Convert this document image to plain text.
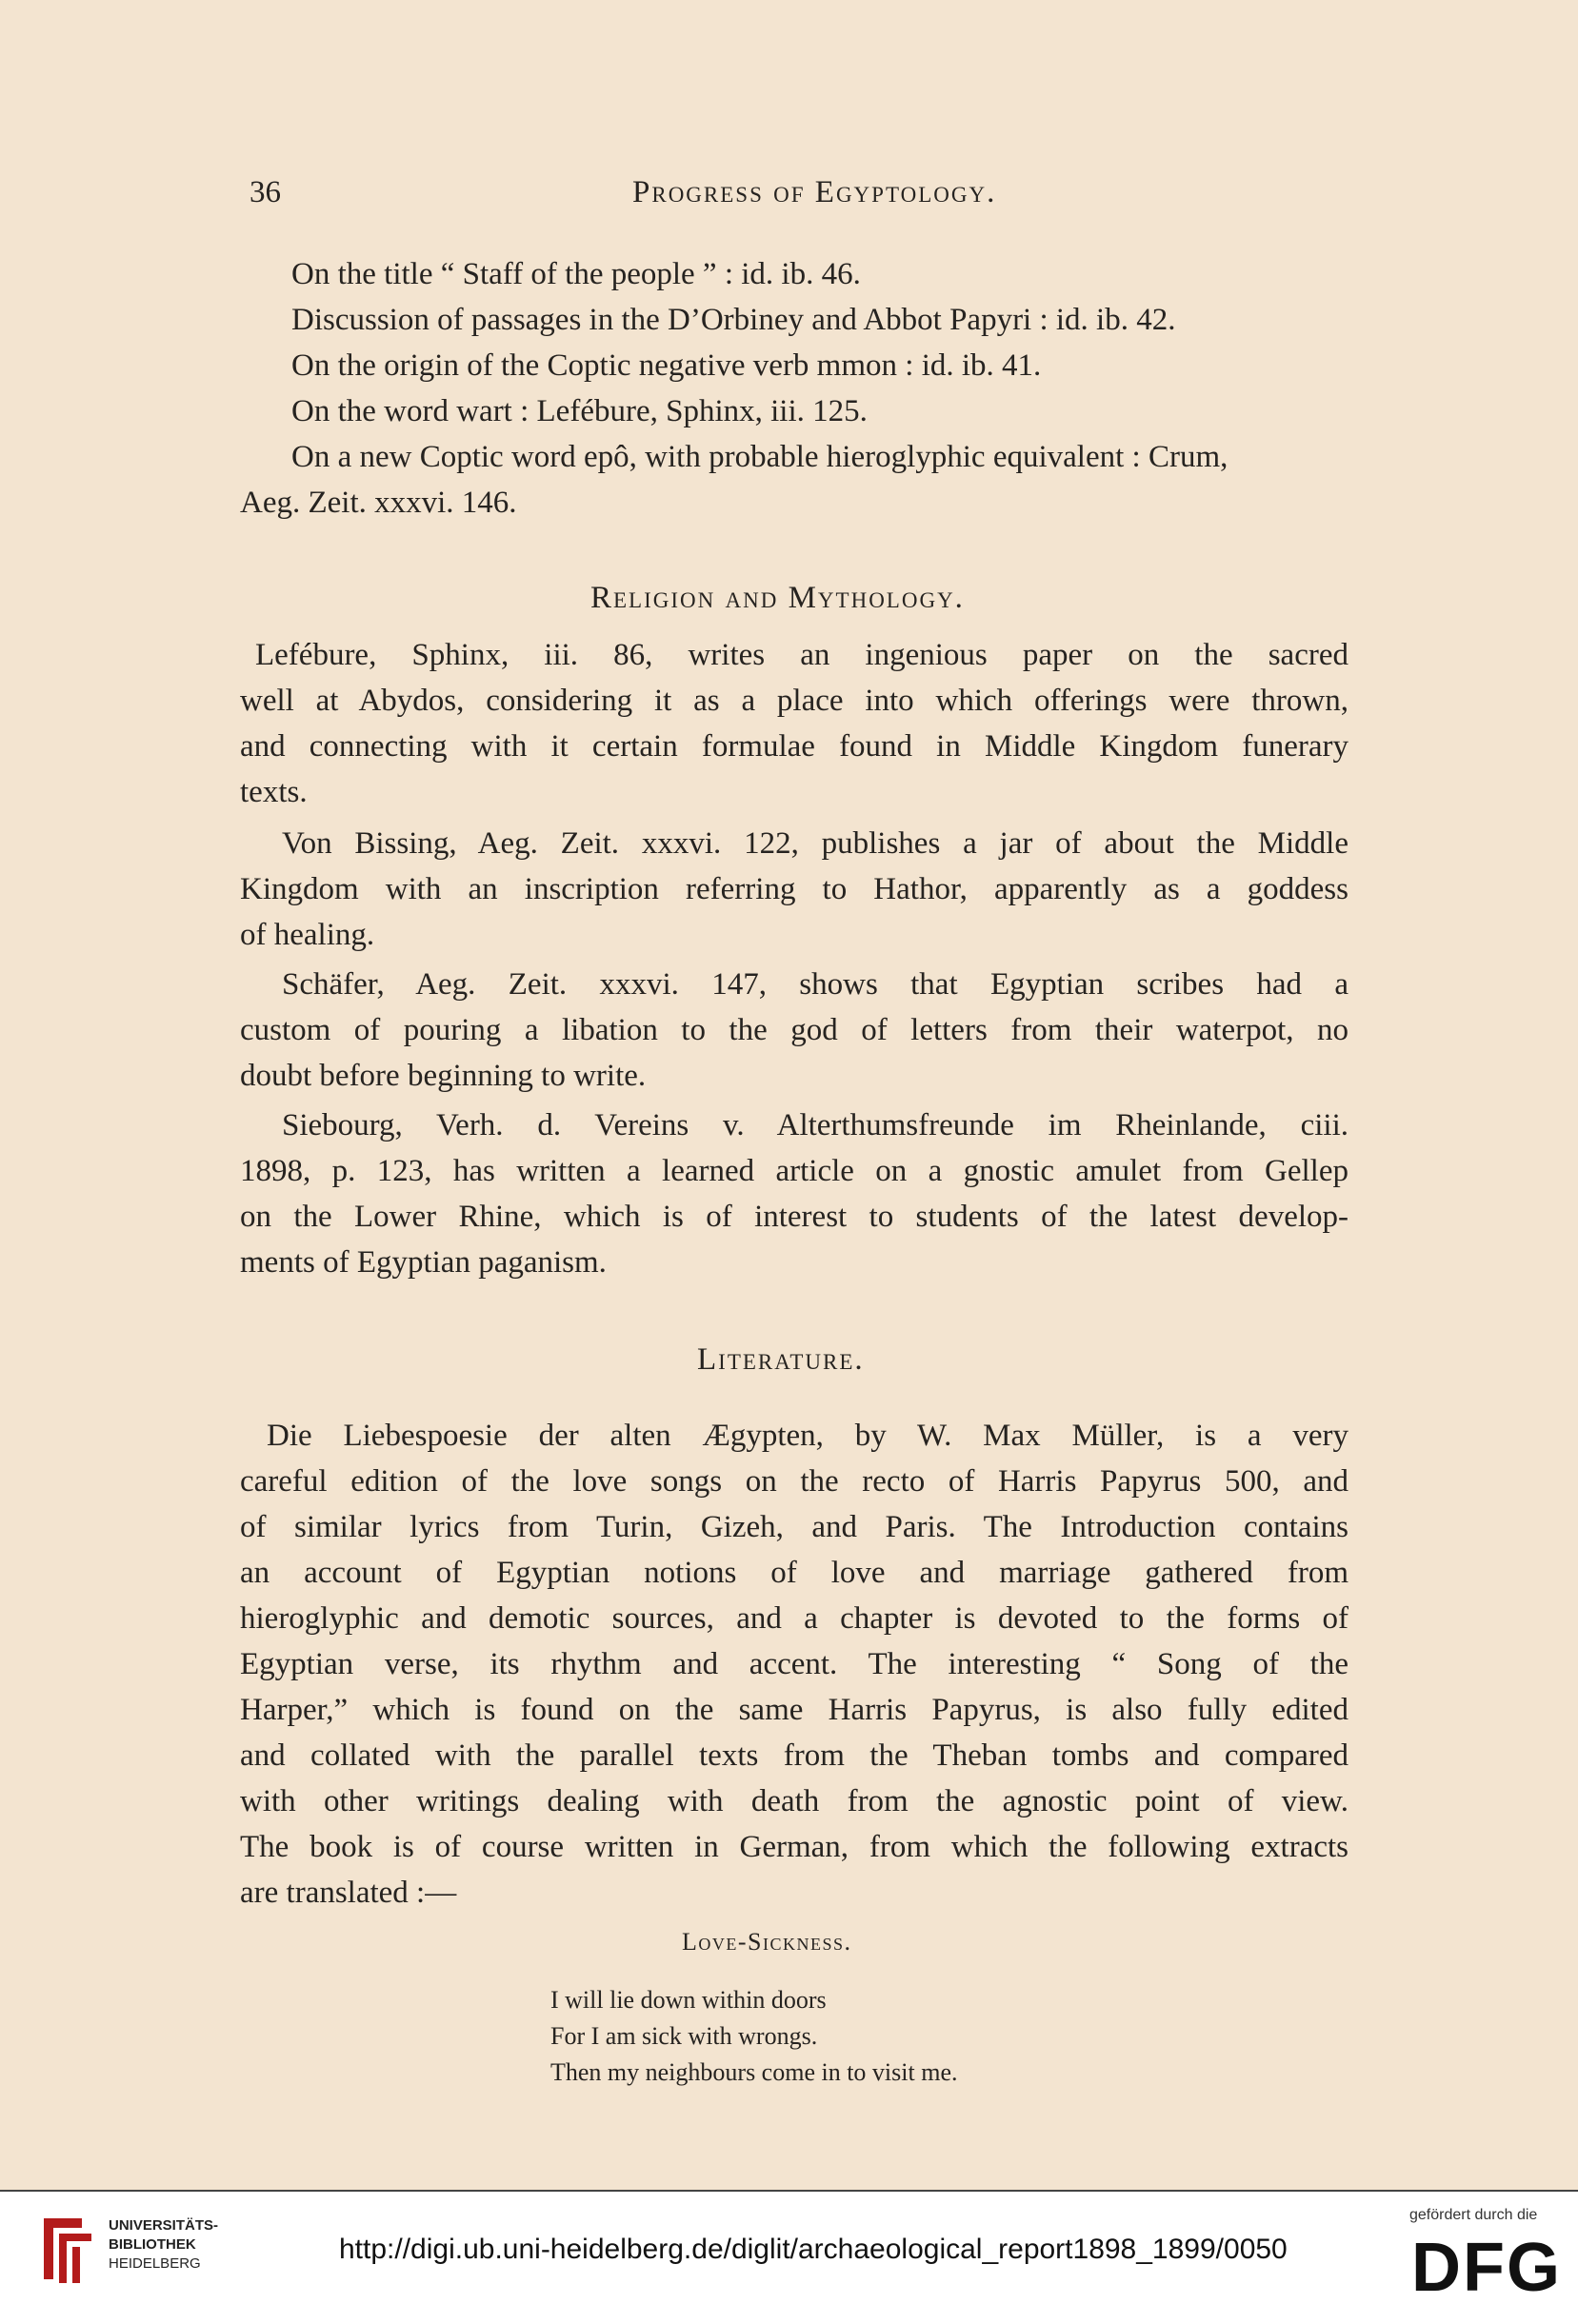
36	Progress of Egyptology.
On the title “ Staff of the people ” : id. ib. 46.
Discussion of passages in the D’Orbiney and Abbot Papyri : id. ib. 42.
On the origin of the Coptic negative verb mmon : id. ib. 41.
On the word wart : Lefébure, Sphinx, iii. 125.
On a new Coptic word epô, with probable hieroglyphic equivalent : Crum,
Aeg. Zeit. xxxvi. 146.
Religion and Mythology.
Lefébure, Sphinx, iii. 86, writes an ingenious paper on the sacred
well at Abydos, considering it as a place into which offerings were thrown,
and connecting with it certain formulae found in Middle Kingdom funerary
texts.
Von Bissing, Aeg. Zeit. xxxvi. 122, publishes a jar of about the Middle
Kingdom with an inscription referring to Hathor, apparently as a goddess
of healing.
Schäfer, Aeg. Zeit. xxxvi. 147, shows that Egyptian scribes had a
custom of pouring a libation to the god of letters from their waterpot, no
doubt before beginning to write.
Siebourg, Verh. d. Vereins v. Alterthumsfreunde im Rheinlande, ciii.
1898, p. 123, has written a learned article on a gnostic amulet from Gellep
on the Lower Rhine, which is of interest to students of the latest develop-
ments of Egyptian paganism.
Literature.
Die Liebespoesie der alten Ægypten, by W. Max Müller, is a very
careful edition of the love songs on the recto of Harris Papyrus 500, and
of similar lyrics from Turin, Gizeh, and Paris. The Introduction contains
an account of Egyptian notions of love and marriage gathered from
hieroglyphic and demotic sources, and a chapter is devoted to the forms of
Egyptian verse, its rhythm and accent. The interesting “ Song of the
Harper,” which is found on the same Harris Papyrus, is also fully edited
and collated with the parallel texts from the Theban tombs and compared
with other writings dealing with death from the agnostic point of view.
The book is of course written in German, from which the following extracts
are translated :—
Love-Sickness.
I will lie down within doors
For I am sick with wrongs.
Then my neighbours come in to visit me.
UNIVERSITÄTS-
BIBLIOTHEK
HEIDELBERG	http://digi.ub.uni-heidelberg.de/diglit/archaeological_report1898_1899/0050
gefördert durch die
DFG
